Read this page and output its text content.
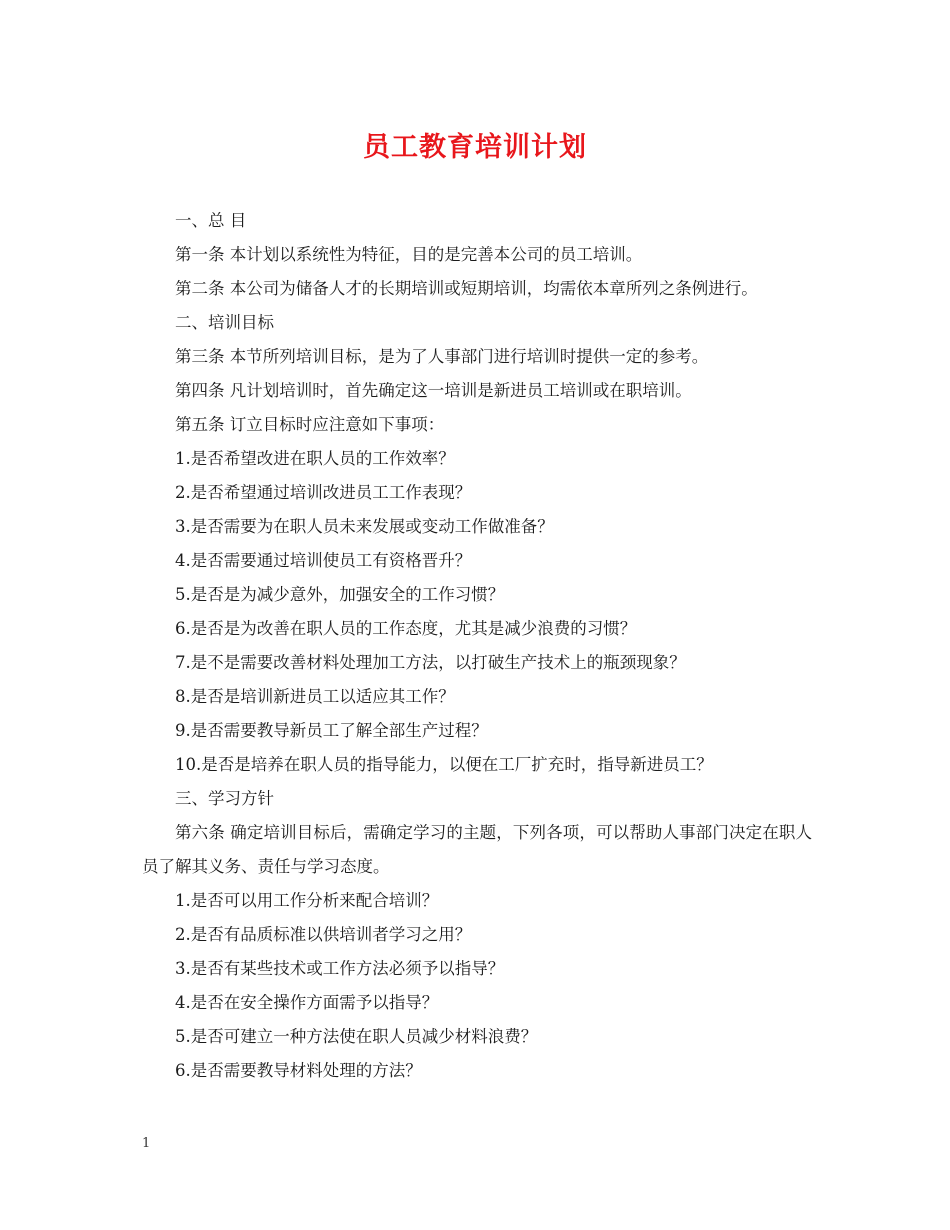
员工教育培训计划

一、总 目

第一条 本计划以系统性为特征，目的是完善本公司的员工培训。

第二条 本公司为储备人才的长期培训或短期培训，均需依本章所列之条例进行。

二、培训目标

第三条 本节所列培训目标，是为了人事部门进行培训时提供一定的参考。

第四条 凡计划培训时，首先确定这一培训是新进员工培训或在职培训。

第五条 订立目标时应注意如下事项：

1.是否希望改进在职人员的工作效率？

2.是否希望通过培训改进员工工作表现？

3.是否需要为在职人员未来发展或变动工作做准备？

4.是否需要通过培训使员工有资格晋升？

5.是否是为减少意外，加强安全的工作习惯？

6.是否是为改善在职人员的工作态度，尤其是减少浪费的习惯？

7.是不是需要改善材料处理加工方法，以打破生产技术上的瓶颈现象？

8.是否是培训新进员工以适应其工作？

9.是否需要教导新员工了解全部生产过程？

10.是否是培养在职人员的指导能力，以便在工厂扩充时，指导新进员工？

三、学习方针

第六条 确定培训目标后，需确定学习的主题，下列各项，可以帮助人事部门决定在职人员了解其义务、责任与学习态度。

1.是否可以用工作分析来配合培训？

2.是否有品质标准以供培训者学习之用？

3.是否有某些技术或工作方法必须予以指导？

4.是否在安全操作方面需予以指导？

5.是否可建立一种方法使在职人员减少材料浪费？

6.是否需要教导材料处理的方法？

1
